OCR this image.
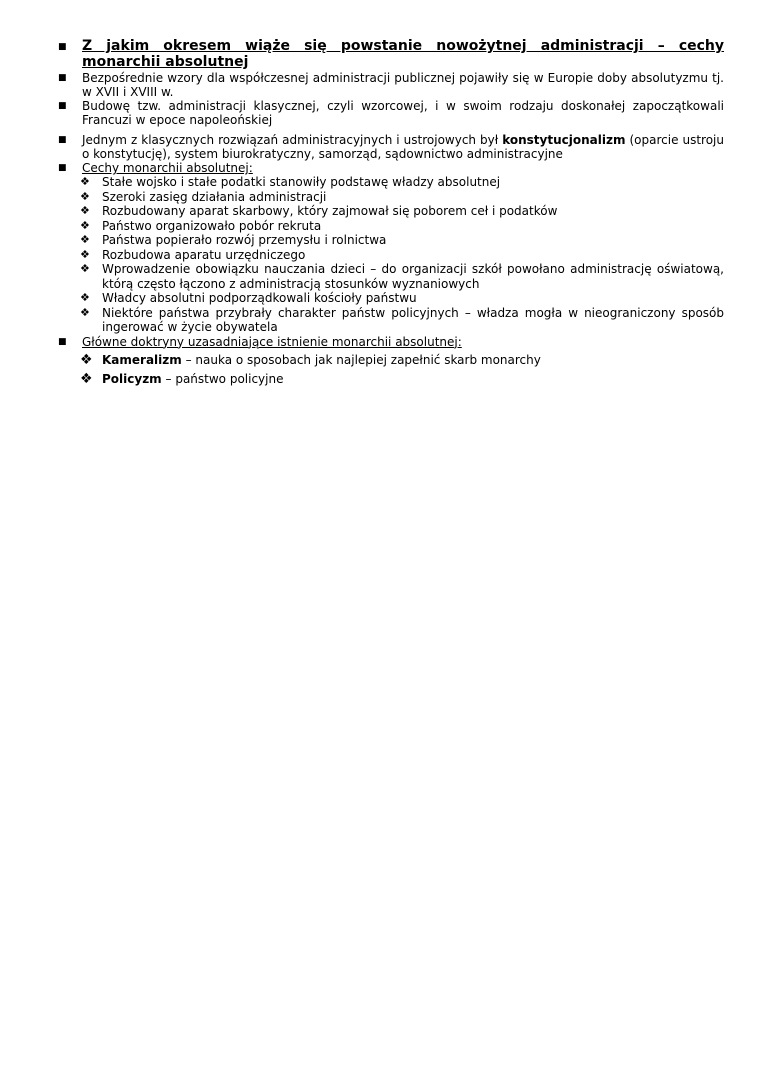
■ Z jakim okresem wiąże się powstanie nowożytnej administracji – cechy monarchii absolutnej
■ Bezpośrednie wzory dla współczesnej administracji publicznej pojawiły się w Europie doby absolutyzmu tj. w XVII i XVIII w.
■ Budowę tzw. administracji klasycznej, czyli wzorcowej, i w swoim rodzaju doskonałej zapoczątkowali Francuzi w epoce napoleońskiej
■ Jednym z klasycznych rozwiązań administracyjnych i ustrojowych był konstytucjonalizm (oparcie ustroju o konstytucję), system biurokratyczny, samorząd, sądownictwo administracyjne
■ Cechy monarchii absolutnej:
❖ Stałe wojsko i stałe podatki stanowiły podstawę władzy absolutnej
❖ Szeroki zasięg działania administracji
❖ Rozbudowany aparat skarbowy, który zajmował się poborem ceł i podatków
❖ Państwo organizowało pobór rekruta
❖ Państwa popierało rozwój przemysłu i rolnictwa
❖ Rozbudowa aparatu urzędniczego
❖ Wprowadzenie obowiązku nauczania dzieci – do organizacji szkół powołano administrację oświatową, którą często łączono z administracją stosunków wyznaniowych
❖ Władcy absolutni podporządkowali kościoły państwu
❖ Niektóre państwa przybrały charakter państw policyjnych – władza mogła w nieograniczony sposób ingerować w życie obywatela
■ Główne doktryny uzasadniające istnienie monarchii absolutnej:
❖ Kameralizm – nauka o sposobach jak najlepiej zapełnić skarb monarchy
❖ Policyzm – państwo policyjne
